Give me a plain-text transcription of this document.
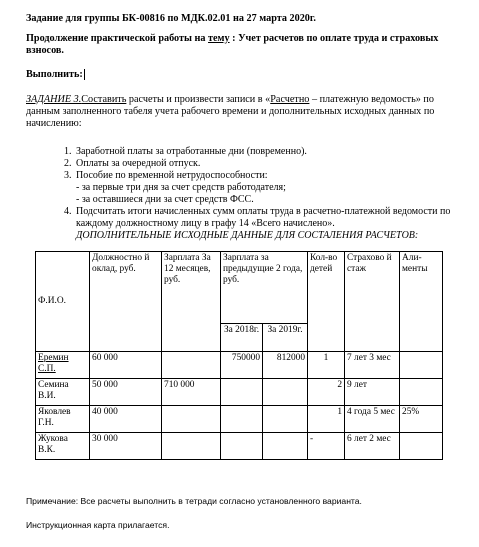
Задание для группы БК-00816 по МДК.02.01 на 27 марта 2020г.
Продолжение практической работы на тему : Учет расчетов по оплате труда и страховых взносов.
Выполнить:
ЗАДАНИЕ 3.Составить расчеты и произвести записи в «Расчетно – платежную ведомость» по данным заполненного табеля учета рабочего времени и дополнительных исходных данных по начислению:
1. Заработной платы за отработанные дни (повременно).
2. Оплаты за очередной отпуск.
3. Пособие по временной нетрудоспособности:
- за первые три дня за счет средств работодателя;
- за оставшиеся дни за счет средств ФСС.
4. Подсчитать итоги начисленных сумм оплаты труда в расчетно-платежной ведомости по каждому должностному лицу в графу 14 «Всего начислено».
ДОПОЛНИТЕЛЬНЫЕ ИСХОДНЫЕ ДАННЫЕ ДЛЯ СОСТАЛЕНИЯ РАСЧЕТОВ:
Ф.И.О.	Должностно й оклад, руб.	Зарплата За 12 месяцев, руб.	Зарплата за предыдущие 2 года, руб.		Кол-во детей	Страхово й стаж	Али-менты
			За 2018г.	За 2019г.			
Еремин С.П.	60 000		750000	812000	1	7 лет 3 мес	
Семина В.И.	50 000	710 000			2	9 лет	
Яковлев Г.Н.	40 000				1	4 года 5 мес	25%
Жукова В.К.	30 000				-	6 лет 2 мес	
Примечание: Все расчеты выполнить в тетради согласно установленного варианта.
Инструкционная карта прилагается.
